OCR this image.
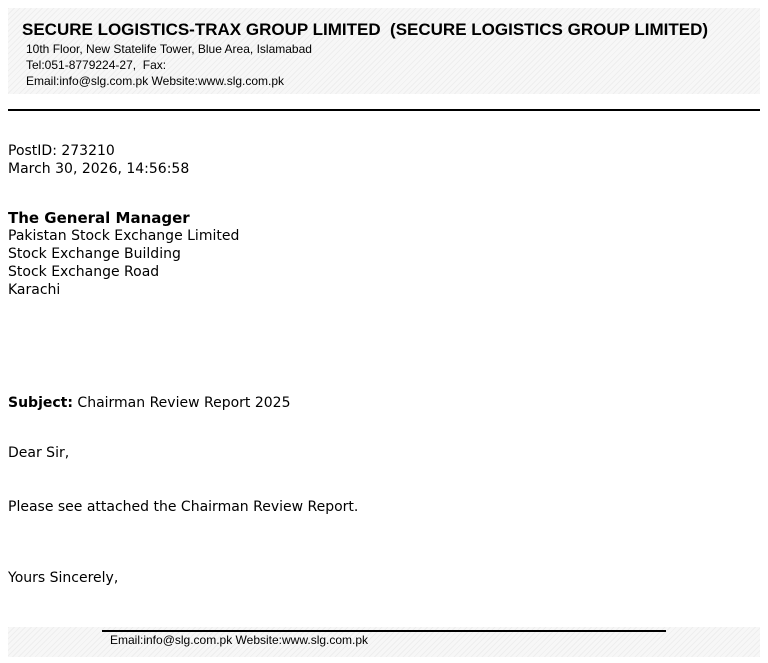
SECURE LOGISTICS-TRAX GROUP LIMITED  (SECURE LOGISTICS GROUP LIMITED)
10th Floor, New Statelife Tower, Blue Area, Islamabad
Tel:051-8779224-27,  Fax:
Email:info@slg.com.pk Website:www.slg.com.pk
PostID: 273210
March 30, 2026, 14:56:58
The General Manager
Pakistan Stock Exchange Limited
Stock Exchange Building
Stock Exchange Road
Karachi
Subject: Chairman Review Report 2025
Dear Sir,
Please see attached the Chairman Review Report.
Yours Sincerely,
Email:info@slg.com.pk Website:www.slg.com.pk
